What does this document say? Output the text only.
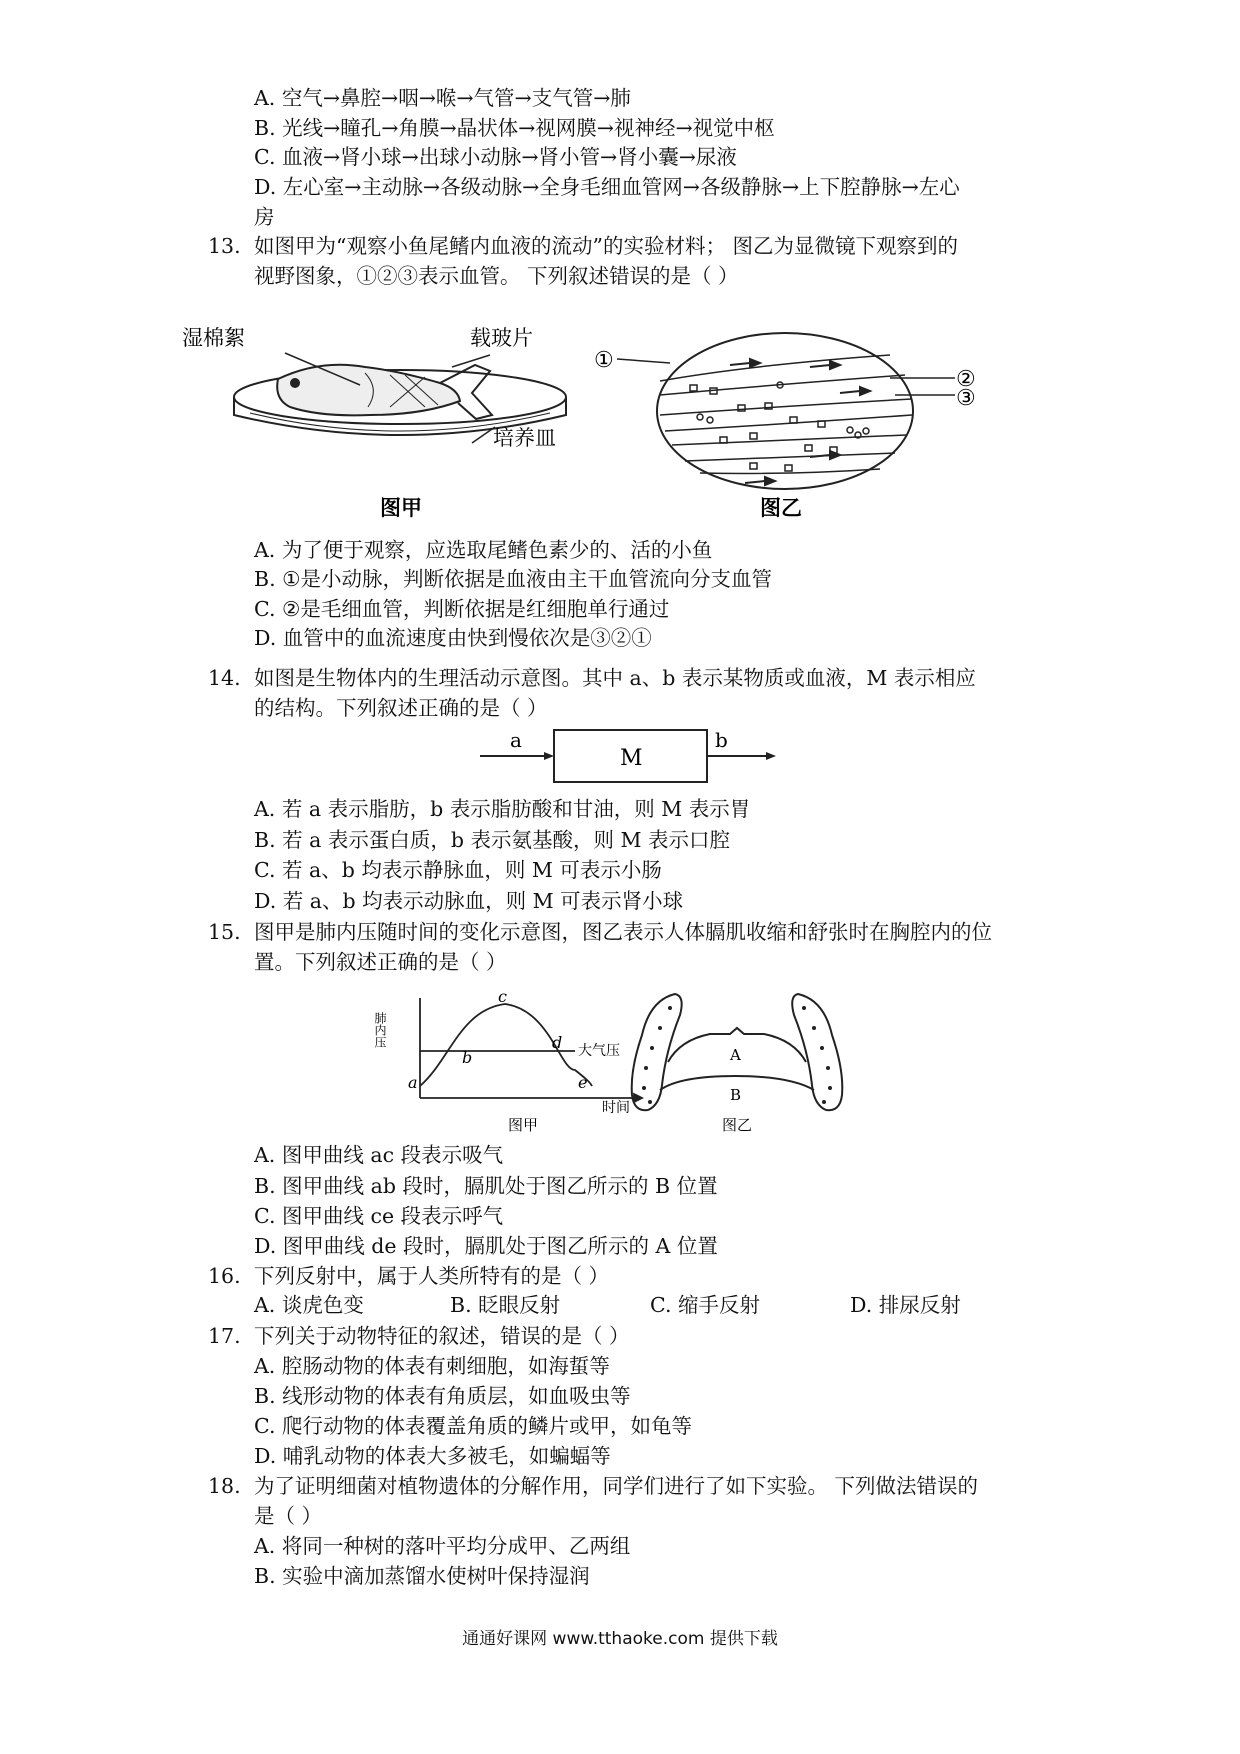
A. 空气→鼻腔→咽→喉→气管→支气管→肺
B. 光线→瞳孔→角膜→晶状体→视网膜→视神经→视觉中枢
C. 血液→肾小球→出球小动脉→肾小管→肾小囊→尿液
D. 左心室→主动脉→各级动脉→全身毛细血管网→各级静脉→上下腔静脉→左心
房
13. 如图甲为“观察小鱼尾鳍内血液的流动”的实验材料； 图乙为显微镜下观察到的
视野图象，①②③表示血管。 下列叙述错误的是（ ）
湿棉絮	载玻片
培养皿
图甲
①
②
③
图乙
A. 为了便于观察，应选取尾鳍色素少的、活的小鱼
B. ①是小动脉，判断依据是血液由主干血管流向分支血管
C. ②是毛细血管，判断依据是红细胞单行通过
D. 血管中的血流速度由快到慢依次是③②①
14. 如图是生物体内的生理活动示意图。其中 a、b 表示某物质或血液，M 表示相应
的结构。下列叙述正确的是（ ）
a
M
b
A. 若 a 表示脂肪，b 表示脂肪酸和甘油，则 M 表示胃
B. 若 a 表示蛋白质，b 表示氨基酸，则 M 表示口腔
C. 若 a、b 均表示静脉血，则 M 可表示小肠
D. 若 a、b 均表示动脉血，则 M 可表示肾小球
15. 图甲是肺内压随时间的变化示意图，图乙表示人体膈肌收缩和舒张时在胸腔内的位
置。下列叙述正确的是（ ）
肺内压
时间
大气压
a
b
c
d
e
图甲
A
B
图乙
A. 图甲曲线 ac 段表示吸气
B. 图甲曲线 ab 段时，膈肌处于图乙所示的 B 位置
C. 图甲曲线 ce 段表示呼气
D. 图甲曲线 de 段时，膈肌处于图乙所示的 A 位置
16. 下列反射中，属于人类所特有的是（ ）
A. 谈虎色变	B. 眨眼反射	C. 缩手反射	D. 排尿反射
17. 下列关于动物特征的叙述，错误的是（ ）
A. 腔肠动物的体表有刺细胞，如海蜇等
B. 线形动物的体表有角质层，如血吸虫等
C. 爬行动物的体表覆盖角质的鳞片或甲，如龟等
D. 哺乳动物的体表大多被毛，如蝙蝠等
18. 为了证明细菌对植物遗体的分解作用，同学们进行了如下实验。 下列做法错误的
是（ ）
A. 将同一种树的落叶平均分成甲、乙两组
B. 实验中滴加蒸馏水使树叶保持湿润
通通好课网 www.tthaoke.com 提供下载
